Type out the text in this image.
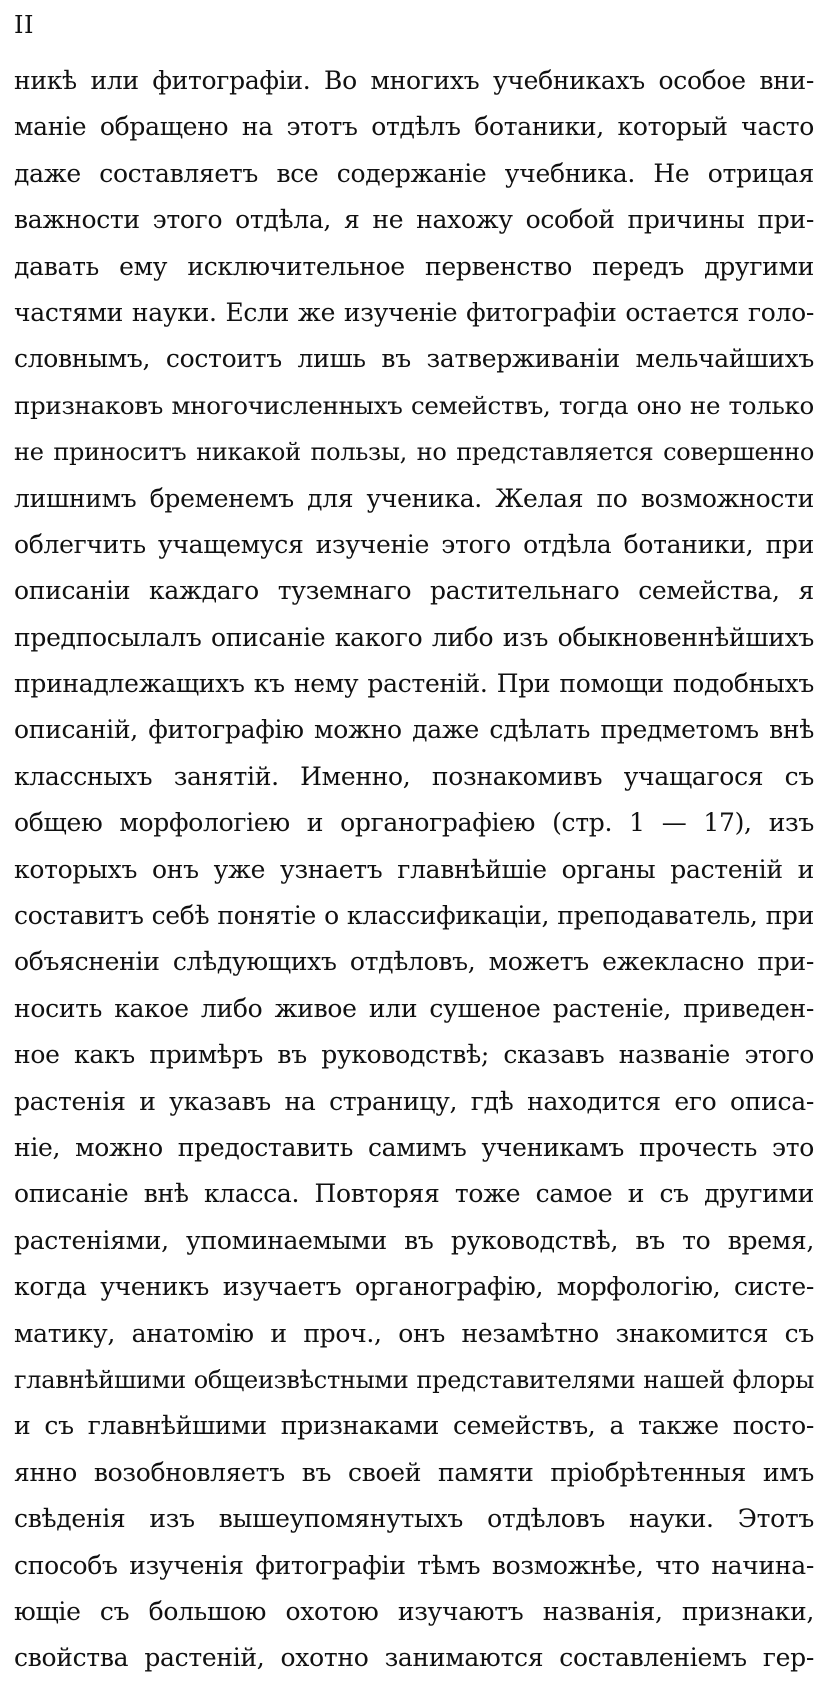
II
никѣ или фитографіи. Во многихъ учебникахъ особое вни-
маніе обращено на этотъ отдѣлъ ботаники, который часто
даже составляетъ все содержаніе учебника. Не отрицая
важности этого отдѣла, я не нахожу особой причины при-
давать ему исключительное первенство передъ другими
частями науки. Если же изученіе фитографіи остается голо-
словнымъ, состоитъ лишь въ затверживаніи мельчайшихъ
признаковъ многочисленныхъ семействъ, тогда оно не только
не приноситъ никакой пользы, но представляется совершенно
лишнимъ бременемъ для ученика. Желая по возможности
облегчить учащемуся изученіе этого отдѣла ботаники, при
описаніи каждаго туземнаго растительнаго семейства, я
предпосылалъ описаніе какого либо изъ обыкновеннѣйшихъ
принадлежащихъ къ нему растеній. При помощи подобныхъ
описаній, фитографію можно даже сдѣлать предметомъ внѣ
классныхъ занятій. Именно, познакомивъ учащагося съ
общею морфологіею и органографіею (стр. 1 — 17), изъ
которыхъ онъ уже узнаетъ главнѣйшіе органы растеній и
составитъ себѣ понятіе о классификаціи, преподаватель, при
объясненіи слѣдующихъ отдѣловъ, можетъ ежекласно при-
носить какое либо живое или сушеное растеніе, приведен-
ное какъ примѣръ въ руководствѣ; сказавъ названіе этого
растенія и указавъ на страницу, гдѣ находится его описа-
ніе, можно предоставить самимъ ученикамъ прочесть это
описаніе внѣ класса. Повторяя тоже самое и съ другими
растеніями, упоминаемыми въ руководствѣ, въ то время,
когда ученикъ изучаетъ органографію, морфологію, систе-
матику, анатомію и проч., онъ незамѣтно знакомится съ
главнѣйшими общеизвѣстными представителями нашей флоры
и съ главнѣйшими признаками семействъ, а также посто-
янно возобновляетъ въ своей памяти пріобрѣтенныя имъ
свѣденія изъ вышеупомянутыхъ отдѣловъ науки. Этотъ
способъ изученія фитографіи тѣмъ возможнѣе, что начина-
ющіе съ большою охотою изучаютъ названія, признаки,
свойства растеній, охотно занимаются составленіемъ гер-
